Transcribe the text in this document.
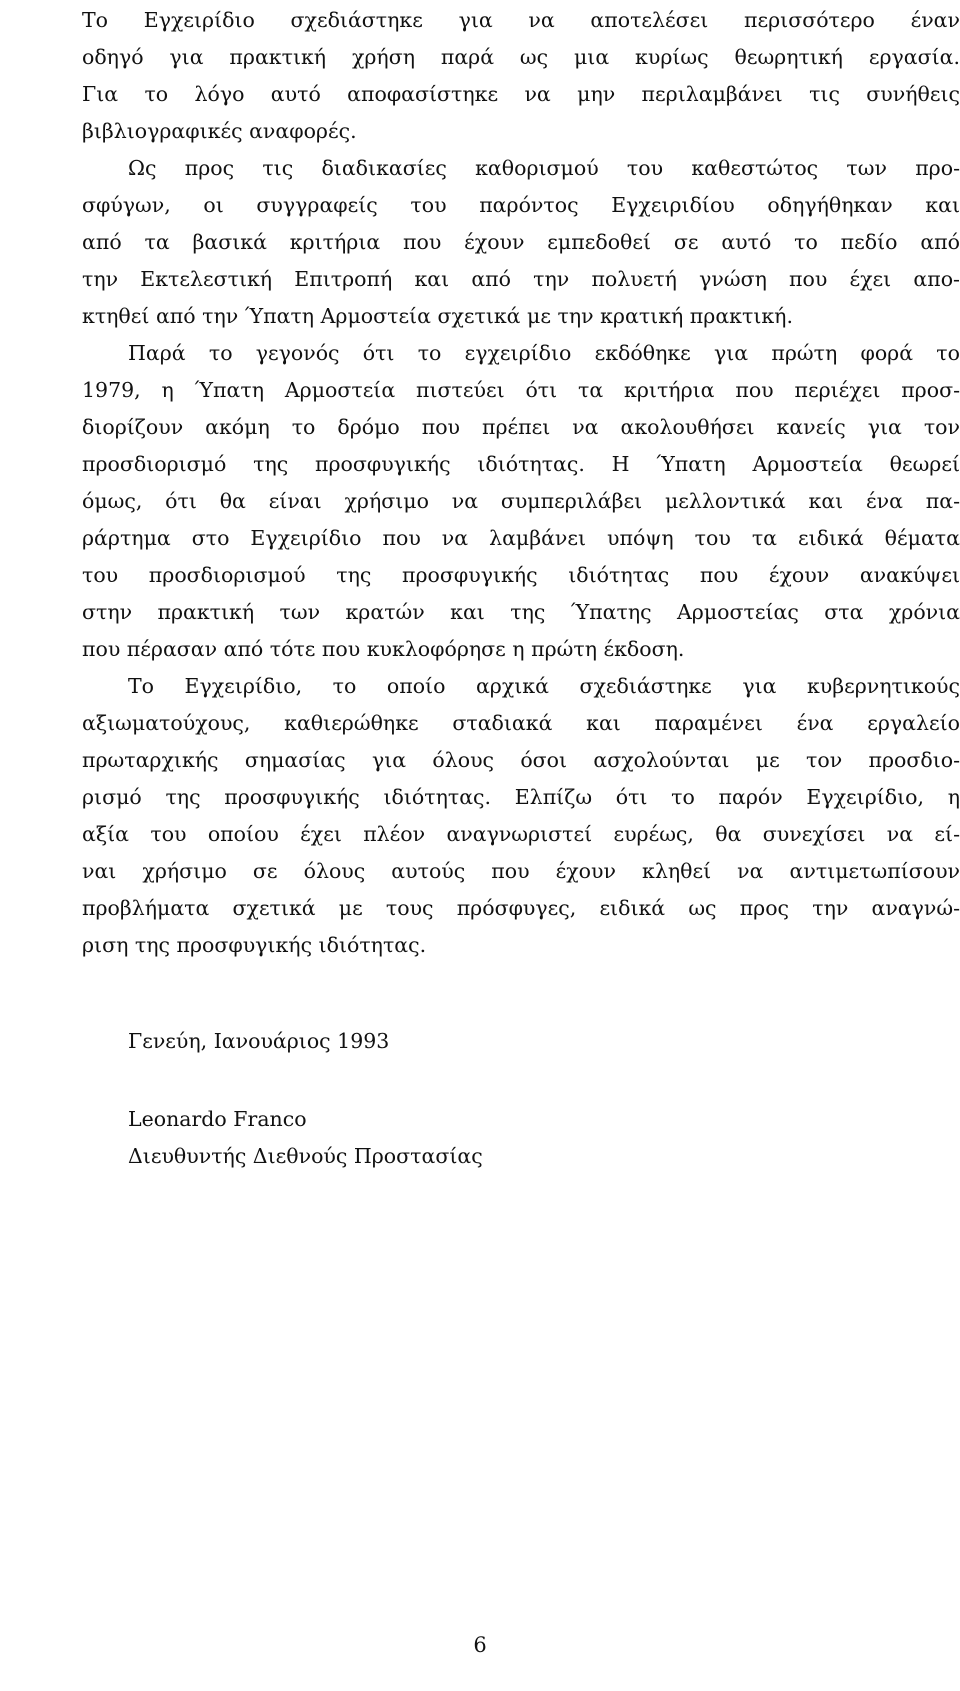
Το Εγχειρίδιο σχεδιάστηκε για να αποτελέσει περισσότερο έναν
οδηγό για πρακτική χρήση παρά ως μια κυρίως θεωρητική εργασία.
Για το λόγο αυτό αποφασίστηκε να μην περιλαμβάνει τις συνήθεις
βιβλιογραφικές αναφορές.
Ως προς τις διαδικασίες καθορισμού του καθεστώτος των προ-
σφύγων, οι συγγραφείς του παρόντος Εγχειριδίου οδηγήθηκαν και
από τα βασικά κριτήρια που έχουν εμπεδοθεί σε αυτό το πεδίο από
την Εκτελεστική Επιτροπή και από την πολυετή γνώση που έχει απο-
κτηθεί από την Ύπατη Αρμοστεία σχετικά με την κρατική πρακτική.
Παρά το γεγονός ότι το εγχειρίδιο εκδόθηκε για πρώτη φορά το
1979, η Ύπατη Αρμοστεία πιστεύει ότι τα κριτήρια που περιέχει προσ-
διορίζουν ακόμη το δρόμο που πρέπει να ακολουθήσει κανείς για τον
προσδιορισμό της προσφυγικής ιδιότητας. Η Ύπατη Αρμοστεία θεωρεί
όμως, ότι θα είναι χρήσιμο να συμπεριλάβει μελλοντικά και ένα πα-
ράρτημα στο Εγχειρίδιο που να λαμβάνει υπόψη του τα ειδικά θέματα
του προσδιορισμού της προσφυγικής ιδιότητας που έχουν ανακύψει
στην πρακτική των κρατών και της Ύπατης Αρμοστείας στα χρόνια
που πέρασαν από τότε που κυκλοφόρησε η πρώτη έκδοση.
Το Εγχειρίδιο, το οποίο αρχικά σχεδιάστηκε για κυβερνητικούς
αξιωματούχους, καθιερώθηκε σταδιακά και παραμένει ένα εργαλείο
πρωταρχικής σημασίας για όλους όσοι ασχολούνται με τον προσδιο-
ρισμό της προσφυγικής ιδιότητας. Ελπίζω ότι το παρόν Εγχειρίδιο, η
αξία του οποίου έχει πλέον αναγνωριστεί ευρέως, θα συνεχίσει να εί-
ναι χρήσιμο σε όλους αυτούς που έχουν κληθεί να αντιμετωπίσουν
προβλήματα σχετικά με τους πρόσφυγες, ειδικά ως προς την αναγνώ-
ριση της προσφυγικής ιδιότητας.
Γενεύη, Ιανουάριος 1993
Leonardo Franco
Διευθυντής Διεθνούς Προστασίας
6
